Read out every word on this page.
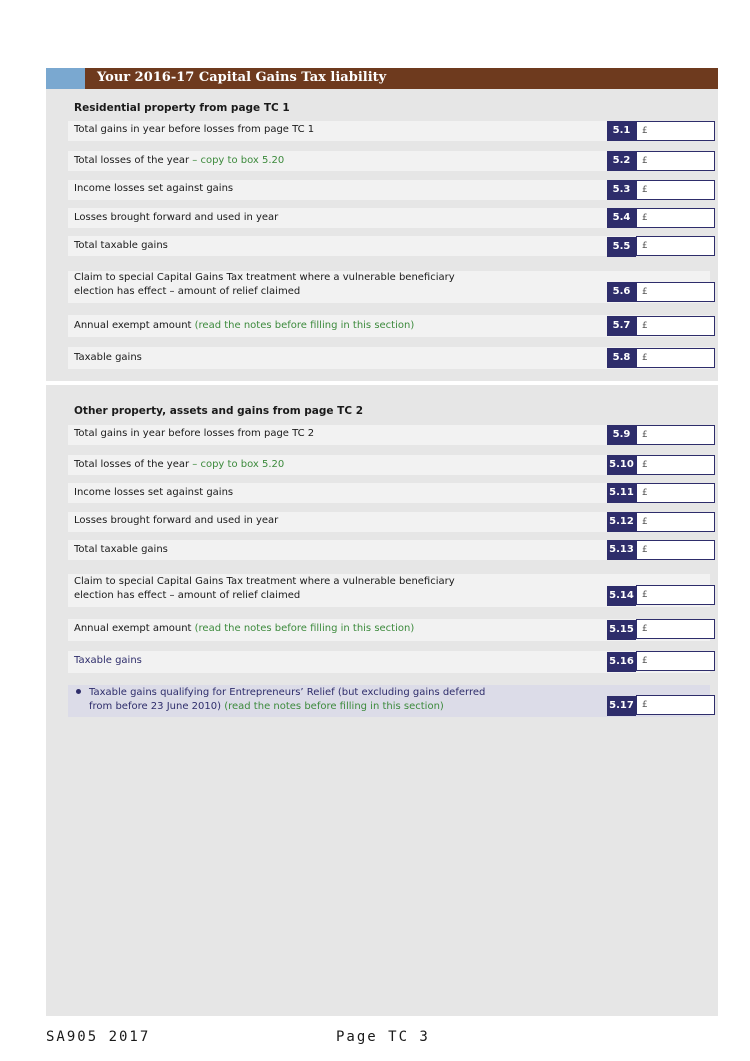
Your 2016-17 Capital Gains Tax liability
Residential property from page TC 1
Total gains in year before losses from page TC 1	5.1	£
Total losses of the year – copy to box 5.20	5.2	£
Income losses set against gains	5.3	£
Losses brought forward and used in year	5.4	£
Total taxable gains	5.5	£
Claim to special Capital Gains Tax treatment where a vulnerable beneficiary
election has effect – amount of relief claimed	5.6	£
Annual exempt amount (read the notes before filling in this section)	5.7	£
Taxable gains	5.8	£
Other property, assets and gains from page TC 2
Total gains in year before losses from page TC 2	5.9	£
Total losses of the year – copy to box 5.20	5.10 £
Income losses set against gains	5.11 £
Losses brought forward and used in year	5.12 £
Total taxable gains	5.13 £
Claim to special Capital Gains Tax treatment where a vulnerable beneficiary
election has effect – amount of relief claimed	5.14 £
Annual exempt amount (read the notes before filling in this section)	5.15 £
Taxable gains	5.16 £
Taxable gains qualifying for Entrepreneurs’ Relief (but excluding gains deferred
from before 23 June 2010) (read the notes before filling in this section)	5.17 £
SA905 2017	Page TC 3
